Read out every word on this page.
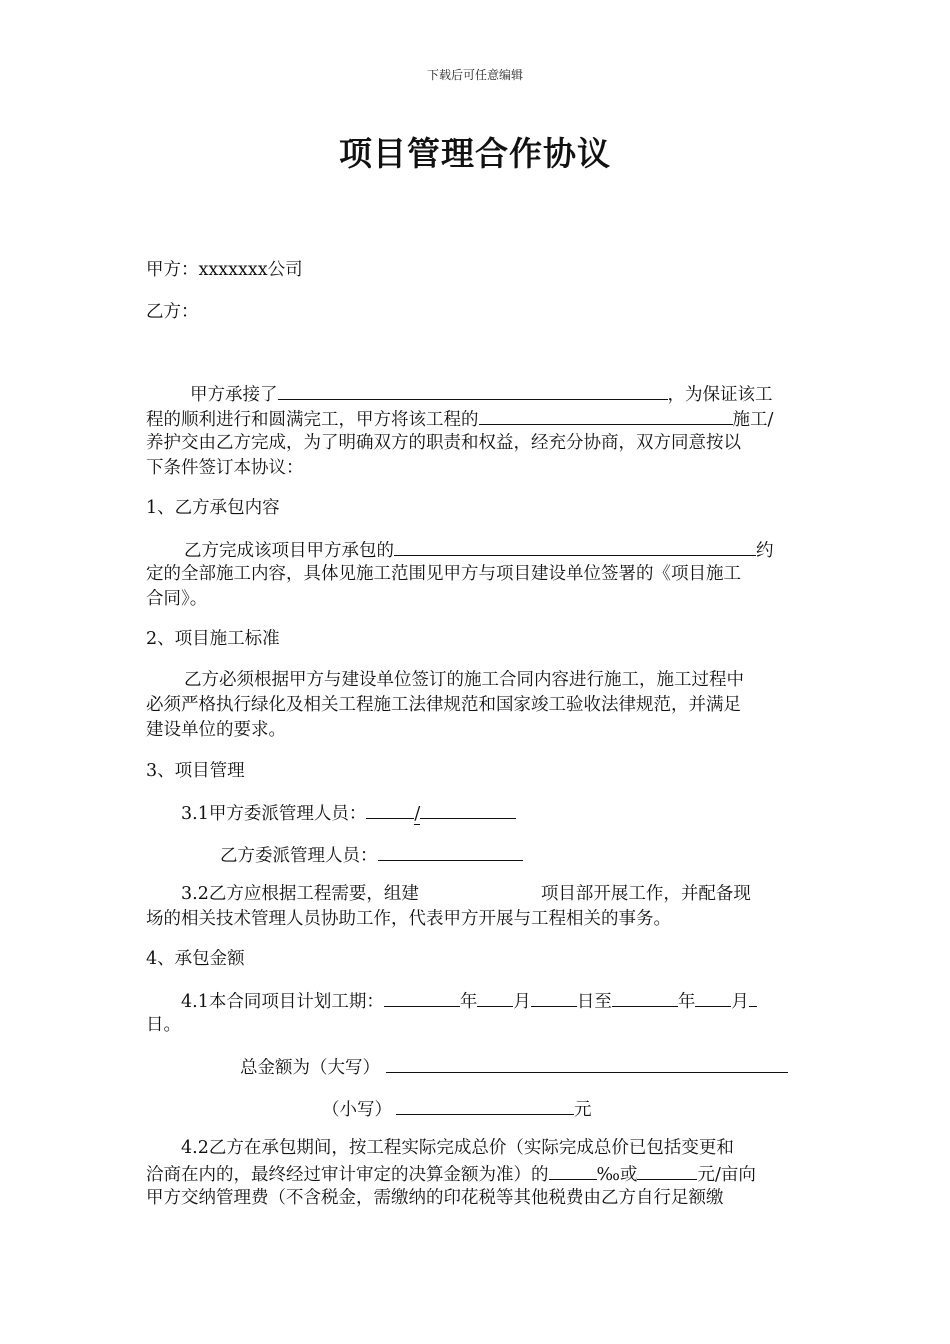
下载后可任意编辑
项目管理合作协议
甲方：xxxxxxx公司
乙方：
甲方承接了	，为保证该工
程的顺利进行和圆满完工，甲方将该工程的	施工/
养护交由乙方完成，为了明确双方的职责和权益，经充分协商，双方同意按以
下条件签订本协议：
1、乙方承包内容
乙方完成该项目甲方承包的	约
定的全部施工内容，具体见施工范围见甲方与项目建设单位签署的《项目施工
合同》。
2、项目施工标准
乙方必须根据甲方与建设单位签订的施工合同内容进行施工，施工过程中
必须严格执行绿化及相关工程施工法律规范和国家竣工验收法律规范，并满足
建设单位的要求。
3、项目管理
3.1甲方委派管理人员：	/
乙方委派管理人员：
3.2乙方应根据工程需要，组建	项目部开展工作，并配备现
场的相关技术管理人员协助工作，代表甲方开展与工程相关的事务。
4、承包金额
4.1本合同项目计划工期：	年 月	日至	年 月
日。
总金额为（大写）
（小写）	元
4.2乙方在承包期间，按工程实际完成总价（实际完成总价已包括变更和
洽商在内的，最终经过审计审定的决算金额为准）的	‰或	元/亩向
甲方交纳管理费（不含税金，需缴纳的印花税等其他税费由乙方自行足额缴
